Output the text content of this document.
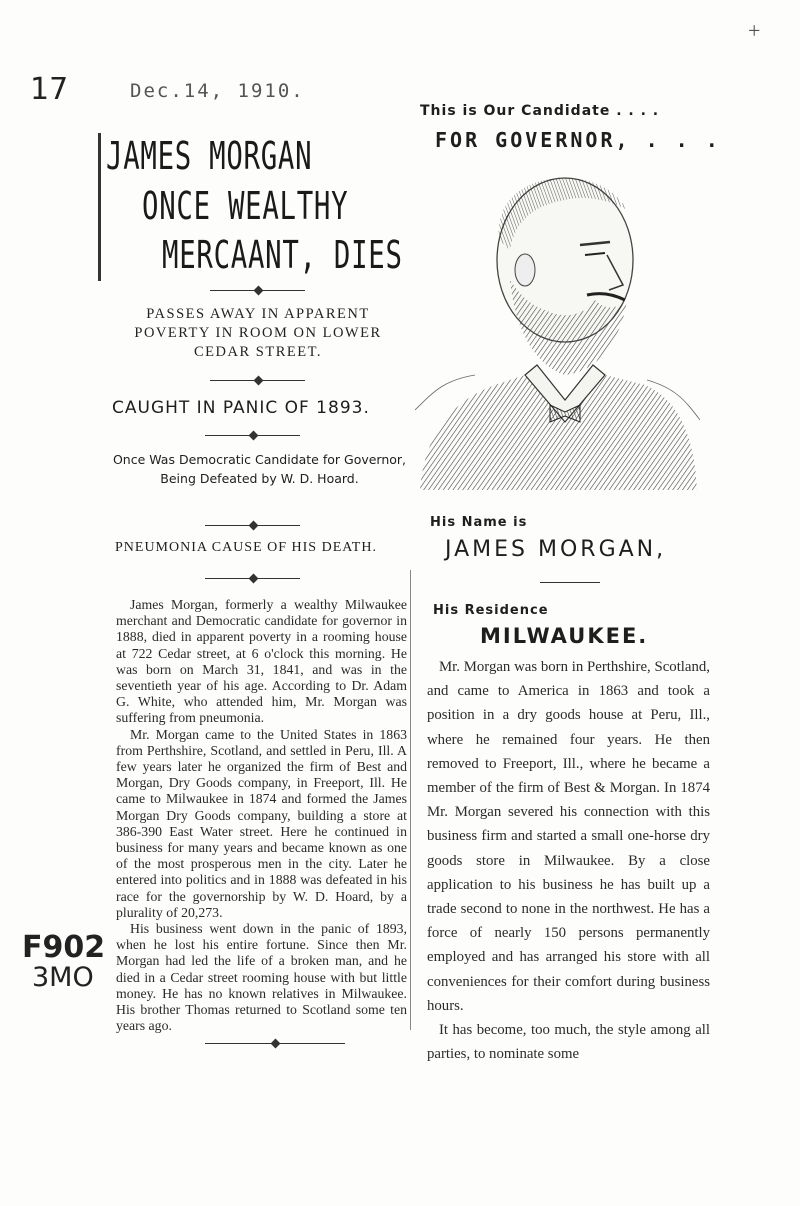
17	Dec.14, 1910.
F902
3MO
+
JAMES MORGAN
ONCE WEALTHY
MERCAANT, DIES
PASSES AWAY IN APPARENT POVERTY IN ROOM ON LOWER CEDAR STREET.
CAUGHT IN PANIC OF 1893.
Once Was Democratic Candidate for Governor, Being Defeated by W. D. Hoard.
PNEUMONIA CAUSE OF HIS DEATH.

James Morgan, formerly a wealthy Milwaukee merchant and Democratic candidate for governor in 1888, died in apparent poverty in a rooming house at 722 Cedar street, at 6 o'clock this morning. He was born on March 31, 1841, and was in the seventieth year of his age. According to Dr. Adam G. White, who attended him, Mr. Morgan was suffering from pneumonia.

Mr. Morgan came to the United States in 1863 from Perthshire, Scotland, and settled in Peru, Ill. A few years later he organized the firm of Best and Morgan, Dry Goods company, in Freeport, Ill. He came to Milwaukee in 1874 and formed the James Morgan Dry Goods company, building a store at 386-390 East Water street. Here he continued in business for many years and became known as one of the most prosperous men in the city. Later he entered into politics and in 1888 was defeated in his race for the governorship by W. D. Hoard, by a plurality of 20,273.

His business went down in the panic of 1893, when he lost his entire fortune. Since then Mr. Morgan had led the life of a broken man, and he died in a Cedar street rooming house with but little money. He has no known relatives in Milwaukee. His brother Thomas returned to Scotland some ten years ago.

This is Our Candidate . . . .
FOR GOVERNOR, . . .
His Name is
JAMES MORGAN,
His Residence
MILWAUKEE.

Mr. Morgan was born in Perthshire, Scotland, and came to America in 1863 and took a position in a dry goods house at Peru, Ill., where he remained four years. He then removed to Freeport, Ill., where he became a member of the firm of Best & Morgan. In 1874 Mr. Morgan severed his connection with this business firm and started a small one-horse dry goods store in Milwaukee. By a close application to his business he has built up a trade second to none in the northwest. He has a force of nearly 150 persons permanently employed and has arranged his store with all conveniences for their comfort during business hours.

It has become, too much, the style among all parties, to nominate some
